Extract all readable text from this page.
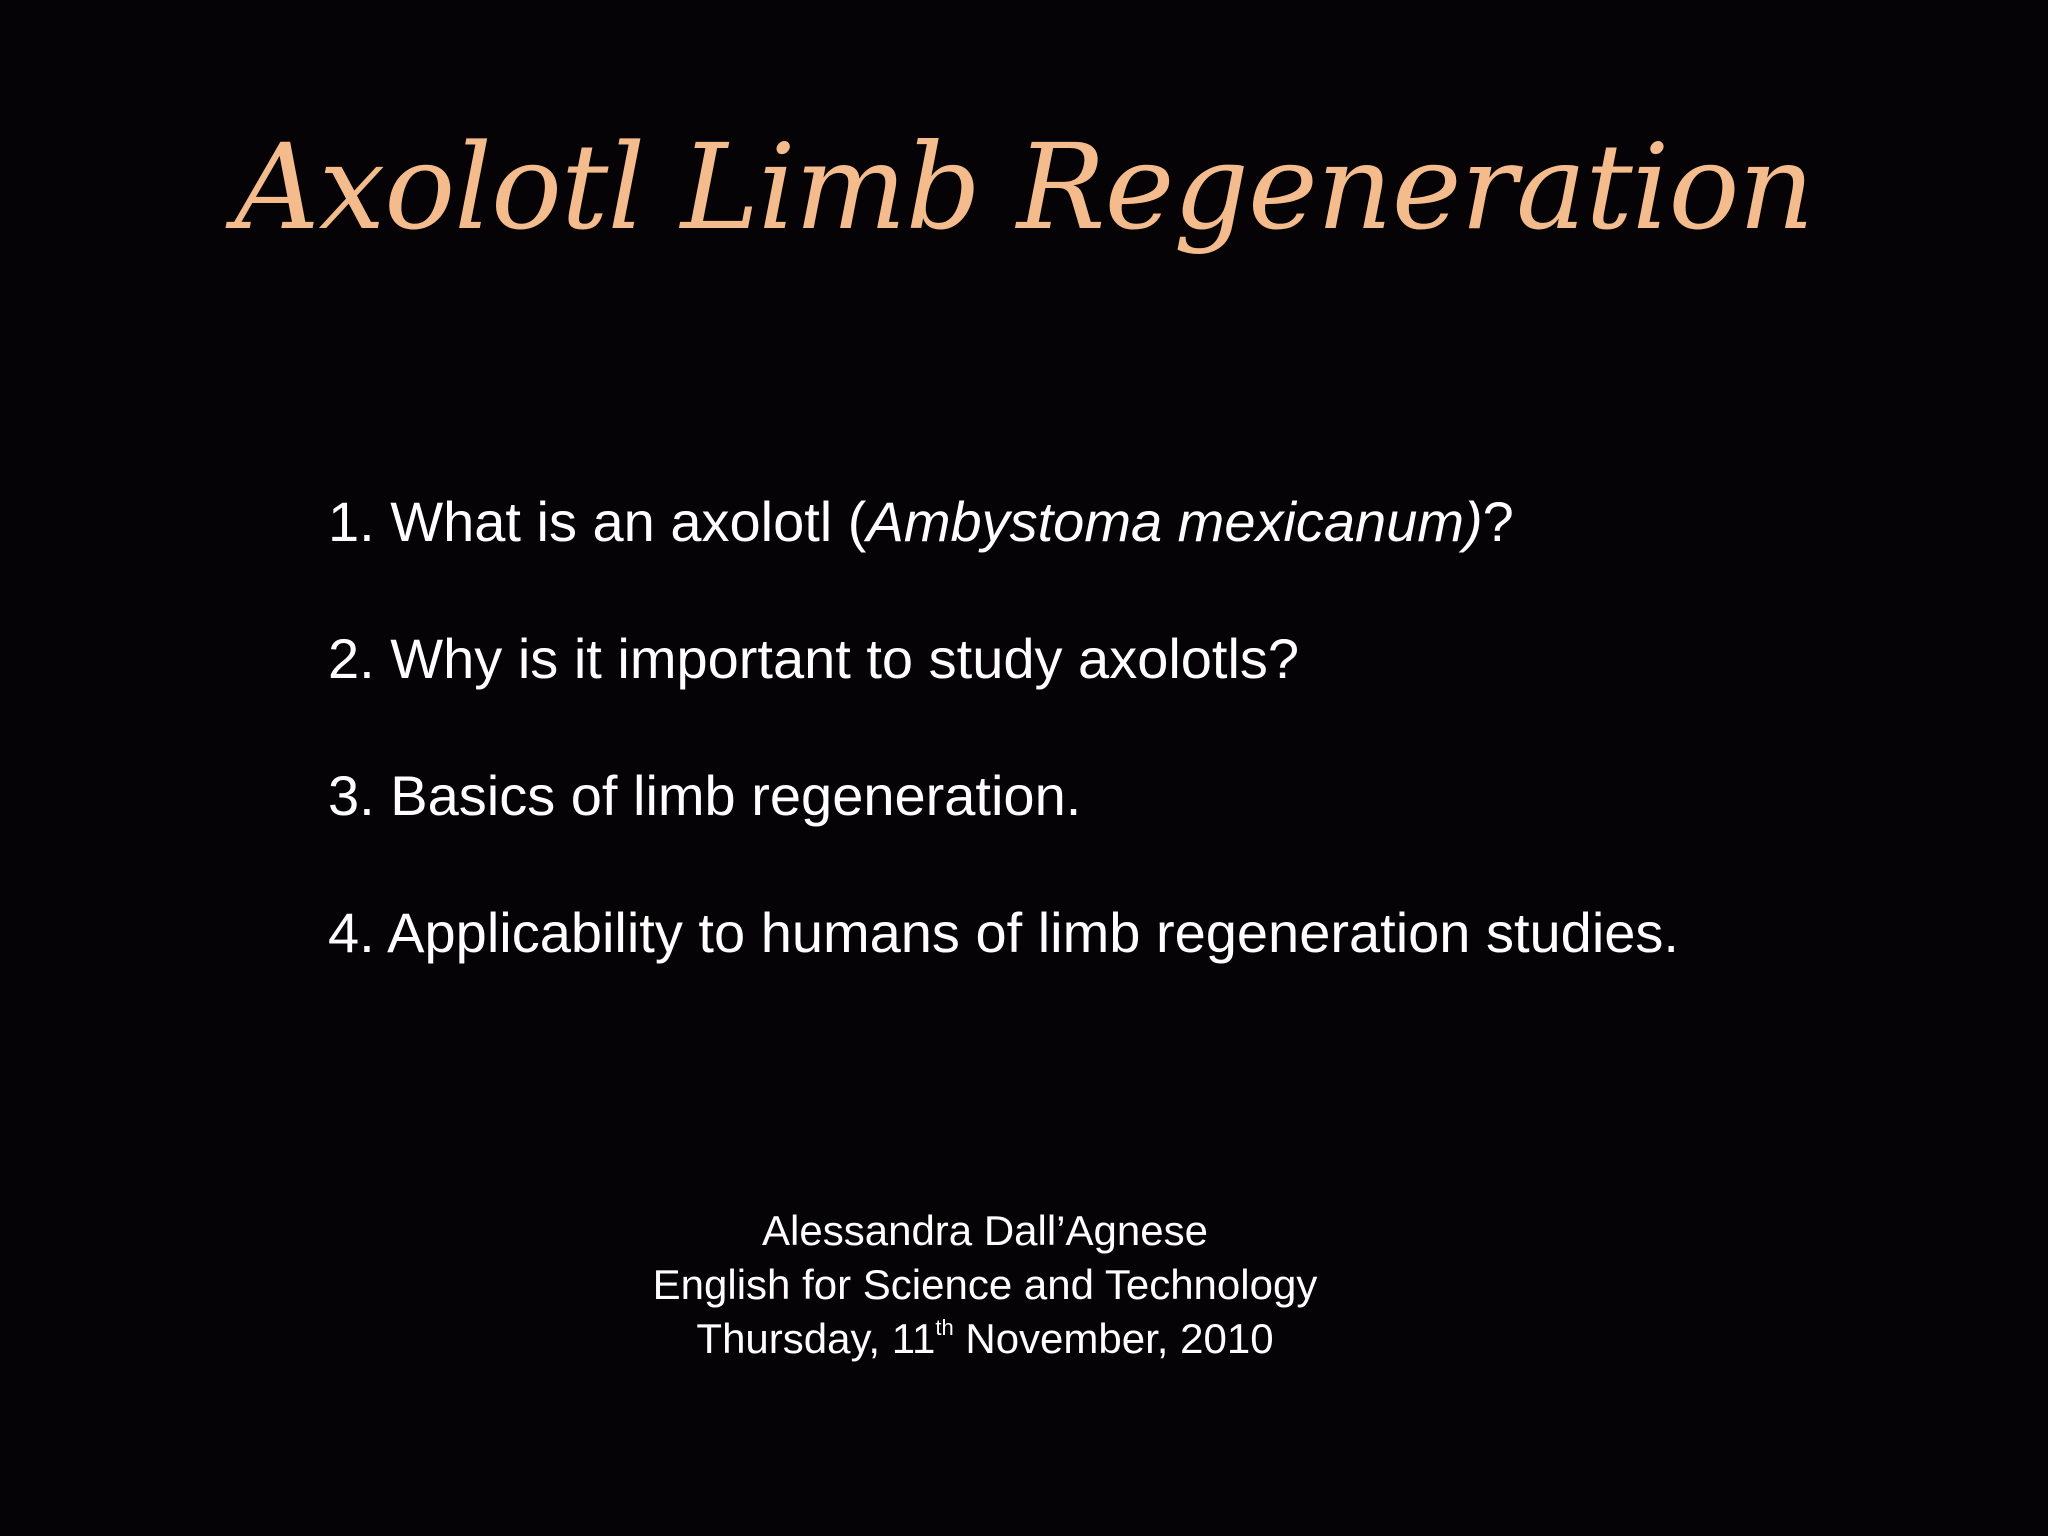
Axolotl Limb Regeneration
1. What is an axolotl (Ambystoma mexicanum)?
2. Why is it important to study axolotls?
3. Basics of limb regeneration.
4. Applicability to humans of limb regeneration studies.
Alessandra Dall’Agnese
English for Science and Technology
Thursday, 11th November, 2010
